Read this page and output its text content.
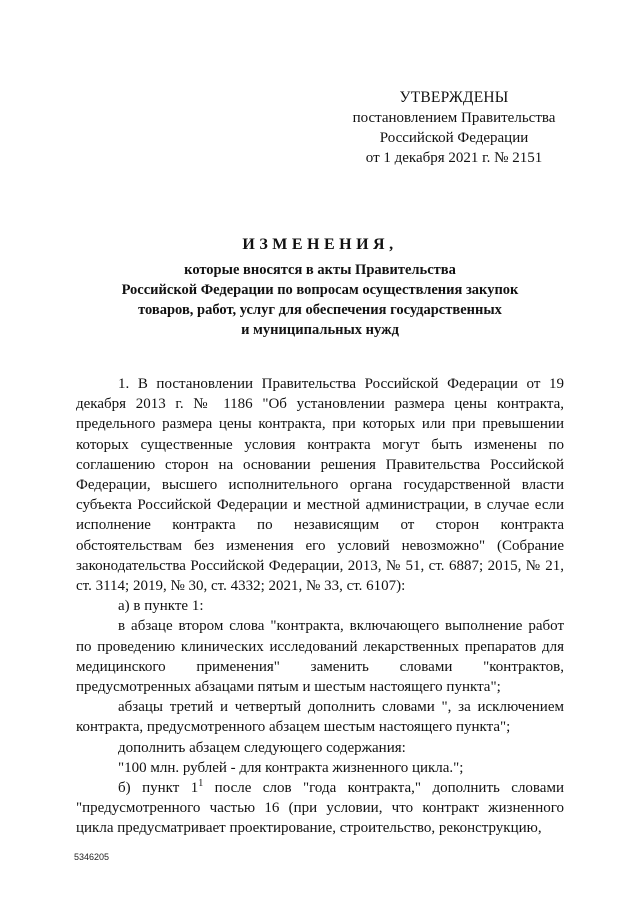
УТВЕРЖДЕНЫ
постановлением Правительства
Российской Федерации
от 1 декабря 2021 г. № 2151
ИЗМЕНЕНИЯ,
которые вносятся в акты Правительства
Российской Федерации по вопросам осуществления закупок
товаров, работ, услуг для обеспечения государственных
и муниципальных нужд

1. В постановлении Правительства Российской Федерации от 19 декабря 2013 г. № 1186 "Об установлении размера цены контракта, предельного размера цены контракта, при которых или при превышении которых существенные условия контракта могут быть изменены по соглашению сторон на основании решения Правительства Российской Федерации, высшего исполнительного органа государственной власти субъекта Российской Федерации и местной администрации, в случае если исполнение контракта по независящим от сторон контракта обстоятельствам без изменения его условий невозможно" (Собрание законодательства Российской Федерации, 2013, № 51, ст. 6887; 2015, № 21, ст. 3114; 2019, № 30, ст. 4332; 2021, № 33, ст. 6107):

а) в пункте 1:

в абзаце втором слова "контракта, включающего выполнение работ по проведению клинических исследований лекарственных препаратов для медицинского применения" заменить словами "контрактов, предусмотренных абзацами пятым и шестым настоящего пункта";

абзацы третий и четвертый дополнить словами ", за исключением контракта, предусмотренного абзацем шестым настоящего пункта";

дополнить абзацем следующего содержания:

"100 млн. рублей - для контракта жизненного цикла.";

б) пункт $1^1$ после слов "года контракта," дополнить словами "предусмотренного частью 16 (при условии, что контракт жизненного цикла предусматривает проектирование, строительство, реконструкцию,

5346205
